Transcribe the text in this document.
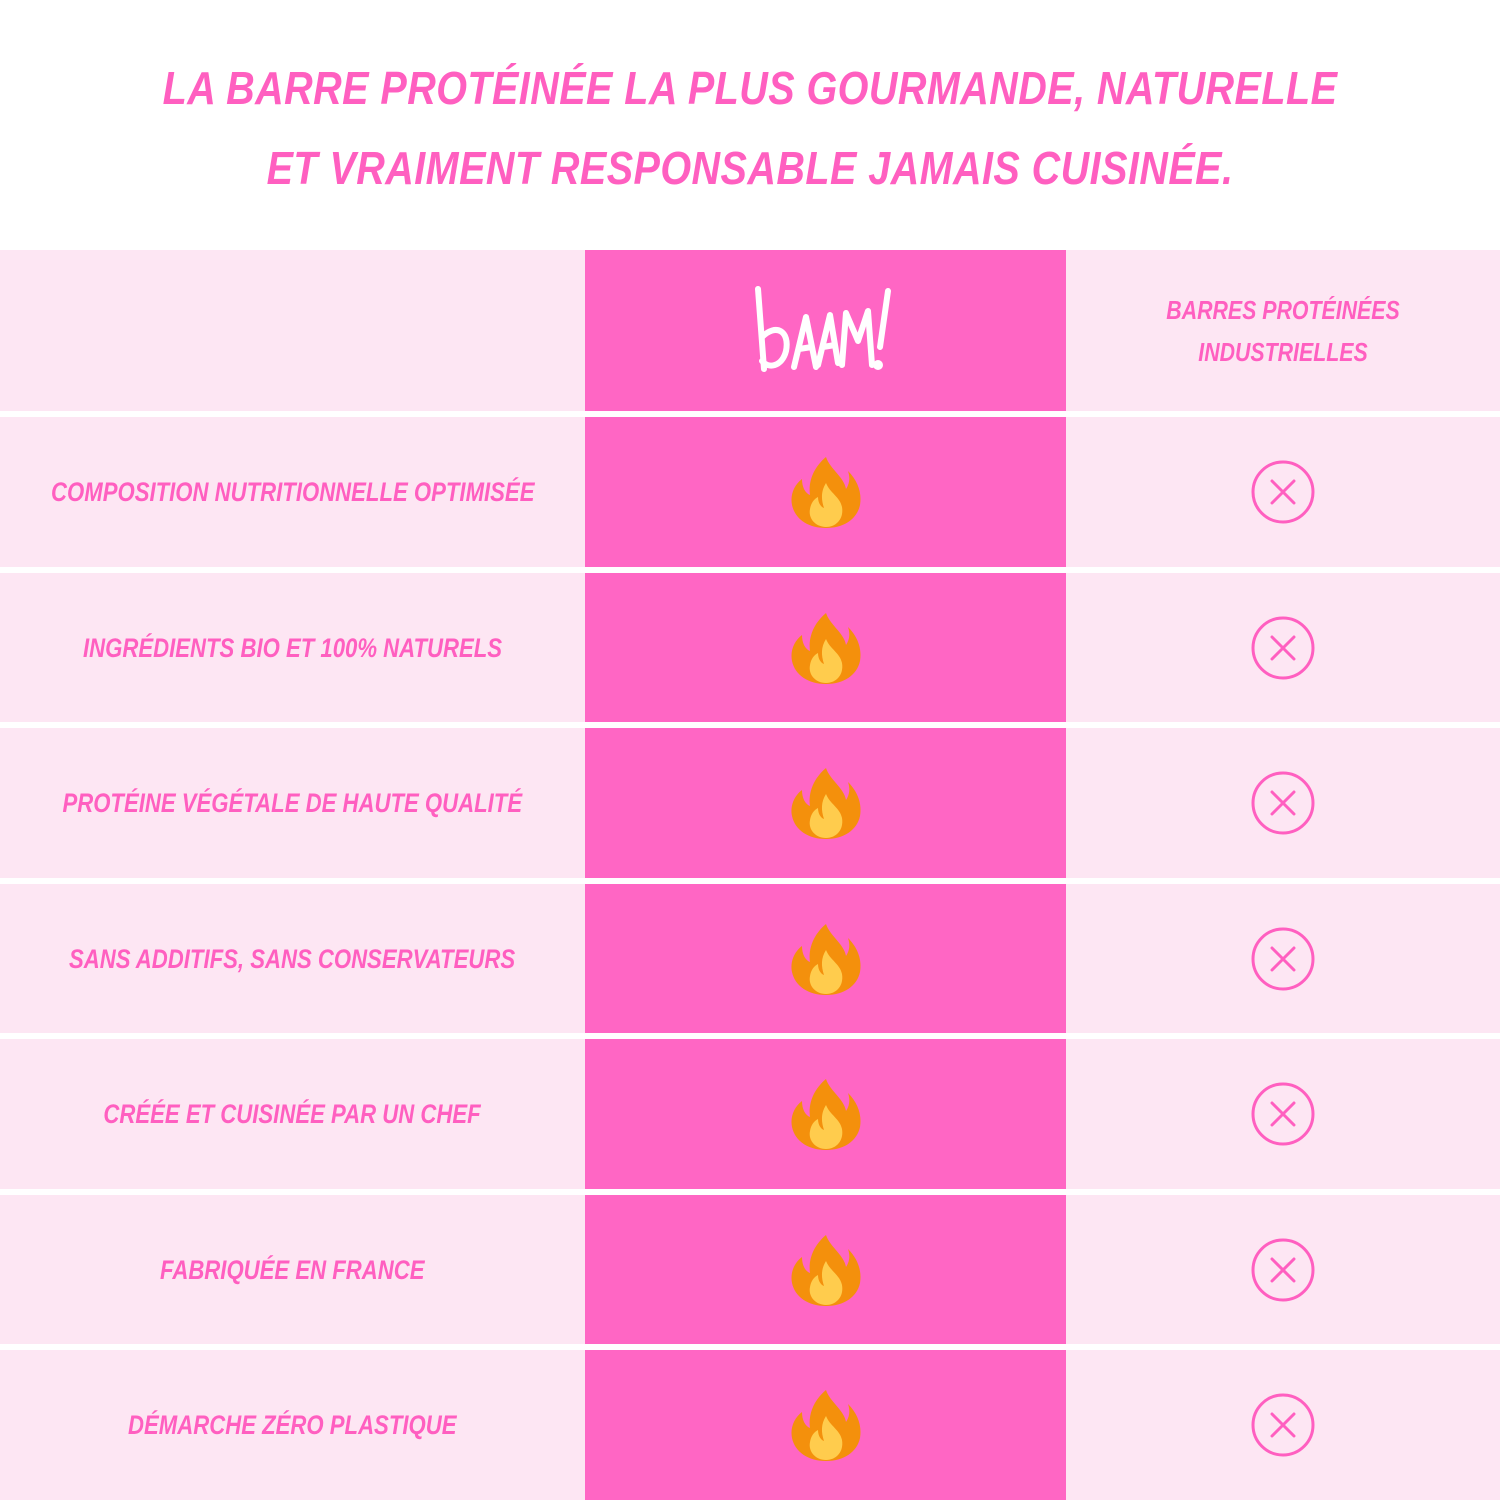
LA BARRE PROTÉINÉE LA PLUS GOURMANDE, NATURELLE
ET VRAIMENT RESPONSABLE JAMAIS CUISINÉE.
BARRES PROTÉINÉES
INDUSTRIELLES
COMPOSITION NUTRITIONNELLE OPTIMISÉE
INGRÉDIENTS BIO ET 100% NATURELS
PROTÉINE VÉGÉTALE DE HAUTE QUALITÉ
SANS ADDITIFS, SANS CONSERVATEURS
CRÉÉE ET CUISINÉE PAR UN CHEF
FABRIQUÉE EN FRANCE
DÉMARCHE ZÉRO PLASTIQUE
